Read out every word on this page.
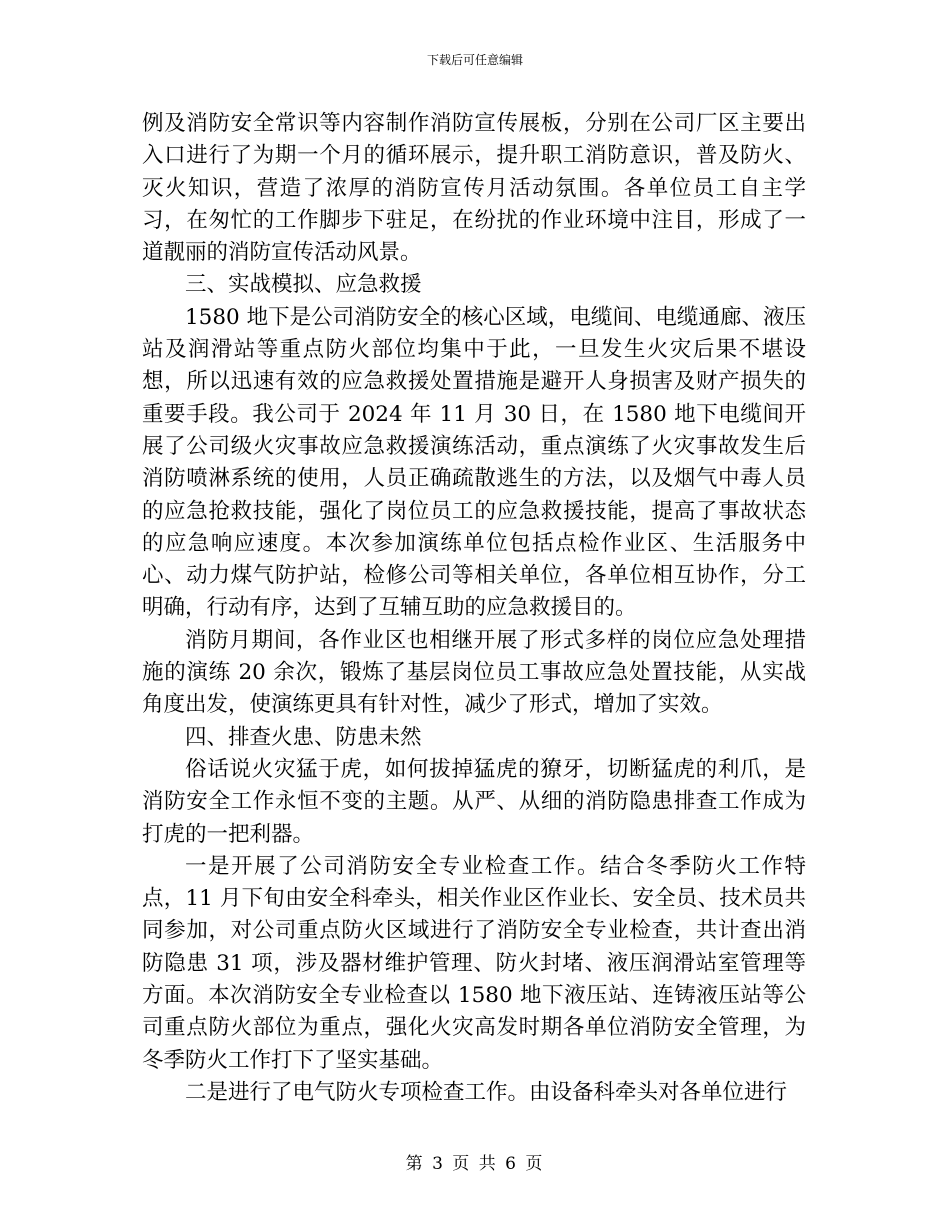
下载后可任意编辑
例及消防安全常识等内容制作消防宣传展板，分别在公司厂区主要出入口进行了为期一个月的循环展示，提升职工消防意识，普及防火、灭火知识，营造了浓厚的消防宣传月活动氛围。各单位员工自主学习，在匆忙的工作脚步下驻足，在纷扰的作业环境中注目，形成了一道靓丽的消防宣传活动风景。
三、实战模拟、应急救援
1580 地下是公司消防安全的核心区域，电缆间、电缆通廊、液压站及润滑站等重点防火部位均集中于此，一旦发生火灾后果不堪设想，所以迅速有效的应急救援处置措施是避开人身损害及财产损失的重要手段。我公司于 2024 年 11 月 30 日，在 1580 地下电缆间开展了公司级火灾事故应急救援演练活动，重点演练了火灾事故发生后消防喷淋系统的使用，人员正确疏散逃生的方法，以及烟气中毒人员的应急抢救技能，强化了岗位员工的应急救援技能，提高了事故状态的应急响应速度。本次参加演练单位包括点检作业区、生活服务中心、动力煤气防护站，检修公司等相关单位，各单位相互协作，分工明确，行动有序，达到了互辅互助的应急救援目的。
消防月期间，各作业区也相继开展了形式多样的岗位应急处理措施的演练 20 余次，锻炼了基层岗位员工事故应急处置技能，从实战角度出发，使演练更具有针对性，减少了形式，增加了实效。
四、排查火患、防患未然
俗话说火灾猛于虎，如何拔掉猛虎的獠牙，切断猛虎的利爪，是消防安全工作永恒不变的主题。从严、从细的消防隐患排查工作成为打虎的一把利器。
一是开展了公司消防安全专业检查工作。结合冬季防火工作特点，11 月下旬由安全科牵头，相关作业区作业长、安全员、技术员共同参加，对公司重点防火区域进行了消防安全专业检查，共计查出消防隐患 31 项，涉及器材维护管理、防火封堵、液压润滑站室管理等方面。本次消防安全专业检查以 1580 地下液压站、连铸液压站等公司重点防火部位为重点，强化火灾高发时期各单位消防安全管理，为冬季防火工作打下了坚实基础。
二是进行了电气防火专项检查工作。由设备科牵头对各单位进行
第 3 页 共 6 页
